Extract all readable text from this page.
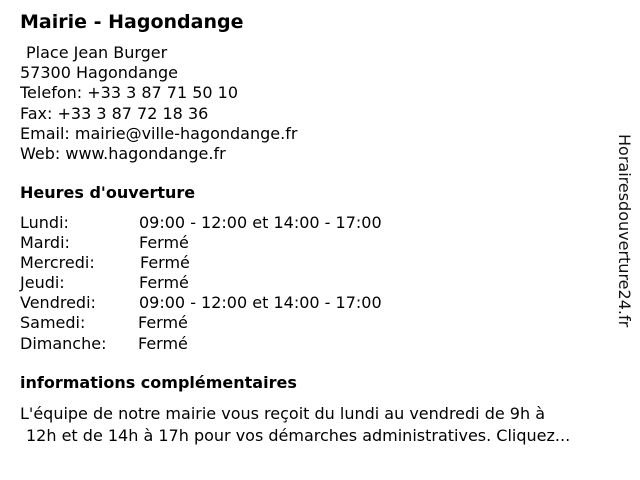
Mairie - Hagondange
Place Jean Burger
57300 Hagondange
Telefon: +33 3 87 71 50 10
Fax: +33 3 87 72 18 36
Email: mairie@ville-hagondange.fr
Web: www.hagondange.fr
Heures d'ouverture
Lundi:	09:00 - 12:00 et 14:00 - 17:00
Mardi:	Fermé
Mercredi:	Fermé
Jeudi:	Fermé
Vendredi:	09:00 - 12:00 et 14:00 - 17:00
Samedi:	Fermé
Dimanche: Fermé
informations complémentaires
L'équipe de notre mairie vous reçoit du lundi au vendredi de 9h à
12h et de 14h à 17h pour vos démarches administratives. Cliquez...
Horairesdouverture24.fr
